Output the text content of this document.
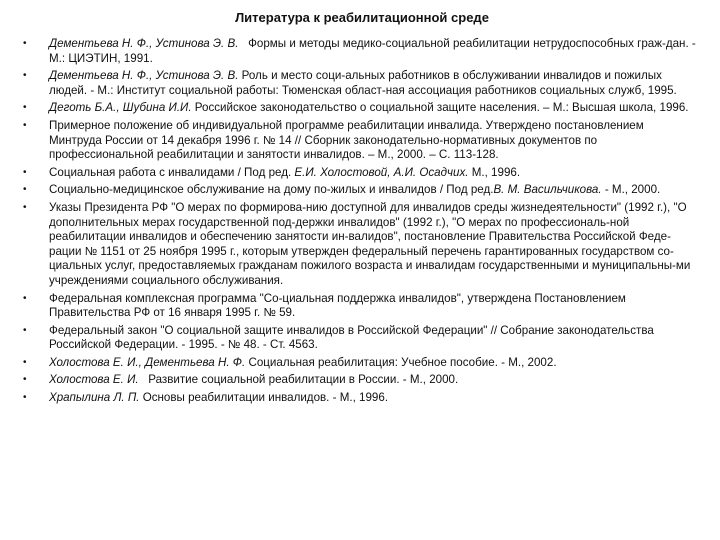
Литература к реабилитационной среде
• Дементьева Н. Ф., Устинова Э. В.   Формы и методы медико-социальной реабилитации нетрудоспособных граж-дан. - М.: ЦИЭТИН, 1991.
• Дементьева Н. Ф., Устинова Э. В. Роль и место соци-альных работников в обслуживании инвалидов и пожилых людей. - М.: Институт социальной работы: Тюменская област-ная ассоциация работников социальных служб, 1995.
• Деготь Б.А., Шубина И.И. Российское законодательство о социальной защите населения. – М.: Высшая школа, 1996.
• Примерное положение об индивидуальной программе реабилитации инвалида. Утверждено постановлением Минтруда России от 14 декабря 1996 г. № 14 // Сборник законодательно-нормативных документов по профессиональной реабилитации и занятости инвалидов. – М., 2000. – С. 113-128.
• Социальная работа с инвалидами / Под ред. Е.И. Холостовой, А.И. Осадчих. М., 1996.
• Социально-медицинское обслуживание на дому по-жилых и инвалидов / Под ред.В. М. Васильчикова. - М., 2000.
• Указы Президента РФ "О мерах по формирова-нию доступной для инвалидов среды жизнедеятельности" (1992 г.), "О дополнительных мерах государственной под-держки инвалидов" (1992 г.), "О мерах по профессиональ-ной реабилитации инвалидов и обеспечению занятости ин-валидов", постановление Правительства Российской Феде-рации № 1151 от 25 ноября 1995 г., которым утвержден федеральный перечень гарантированных государством со-циальных услуг, предоставляемых гражданам пожилого возраста и инвалидам государственными и муниципальны-ми учреждениями социального обслуживания.
• Федеральная комплексная программа "Со-циальная поддержка инвалидов", утверждена Постановлением Правительства РФ от 16 января 1995 г. № 59.
• Федеральный закон "О социальной защите инвалидов в Российской Федерации" // Собрание законодательства Российской Федерации. - 1995. - № 48. - Ст. 4563.
• Холостова Е. И., Дементьева Н. Ф. Социальная реабилитация: Учебное пособие. - М., 2002.
• Холостова Е. И.   Развитие социальной реабилитации в России. - М., 2000.
• Храпылина Л. П. Основы реабилитации инвалидов. - М., 1996.
